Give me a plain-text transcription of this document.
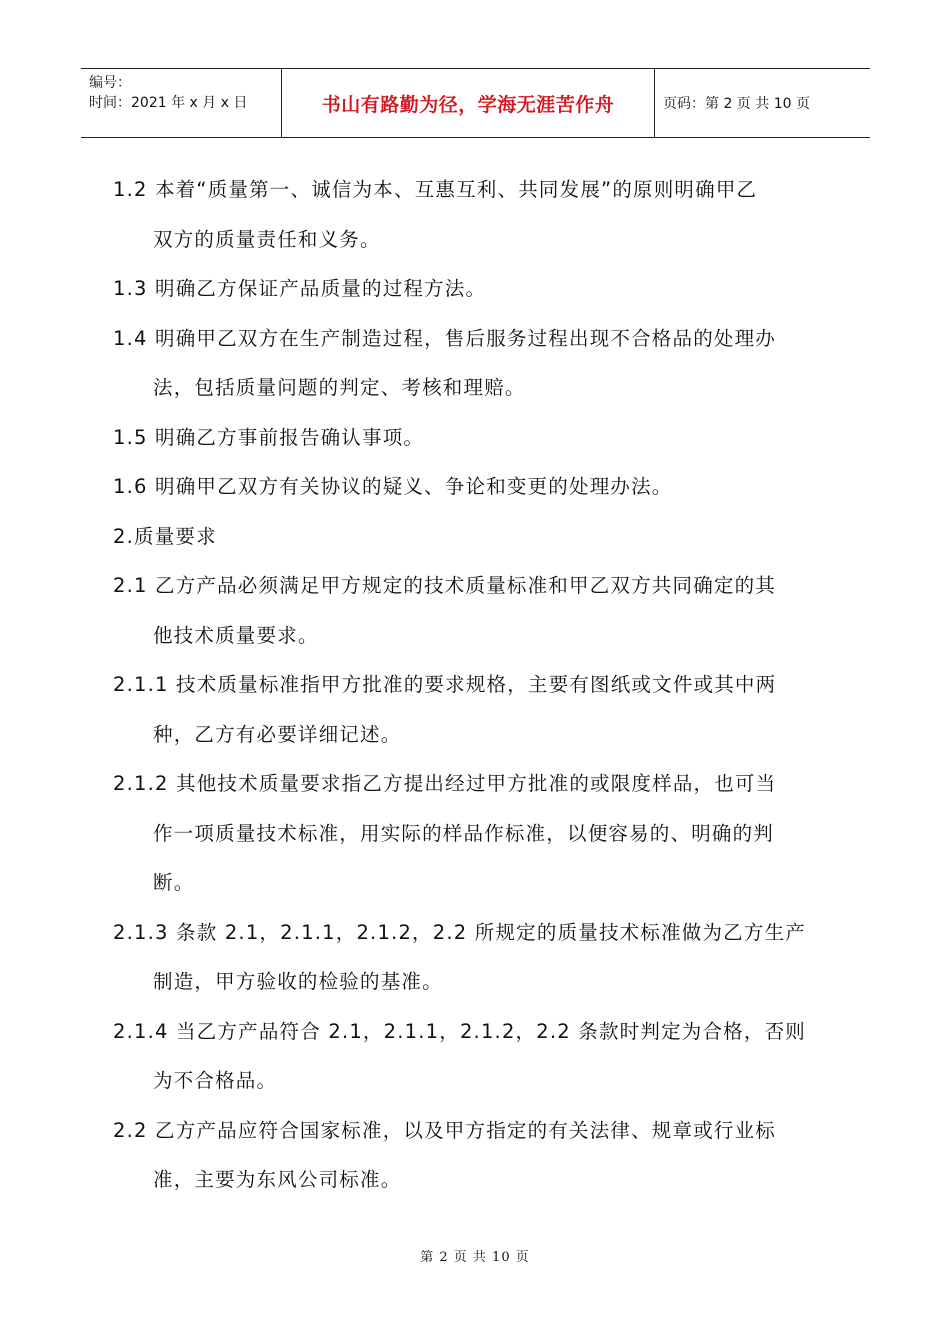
编号：
时间：2021 年 x 月 x 日	书山有路勤为径，学海无涯苦作舟	页码：第 2 页 共 10 页
1.2 本着“质量第一、诚信为本、互惠互利、共同发展”的原则明确甲乙
双方的质量责任和义务。
1.3 明确乙方保证产品质量的过程方法。
1.4 明确甲乙双方在生产制造过程，售后服务过程出现不合格品的处理办
法，包括质量问题的判定、考核和理赔。
1.5 明确乙方事前报告确认事项。
1.6 明确甲乙双方有关协议的疑义、争论和变更的处理办法。
2.质量要求
2.1 乙方产品必须满足甲方规定的技术质量标准和甲乙双方共同确定的其
他技术质量要求。
2.1.1 技术质量标准指甲方批准的要求规格，主要有图纸或文件或其中两
种，乙方有必要详细记述。
2.1.2 其他技术质量要求指乙方提出经过甲方批准的或限度样品，也可当
作一项质量技术标准，用实际的样品作标准，以便容易的、明确的判
断。
2.1.3 条款 2.1，2.1.1，2.1.2，2.2 所规定的质量技术标准做为乙方生产
制造，甲方验收的检验的基准。
2.1.4 当乙方产品符合 2.1，2.1.1，2.1.2，2.2 条款时判定为合格，否则
为不合格品。
2.2 乙方产品应符合国家标准，以及甲方指定的有关法律、规章或行业标
准，主要为东风公司标准。
第 2 页 共 10 页
